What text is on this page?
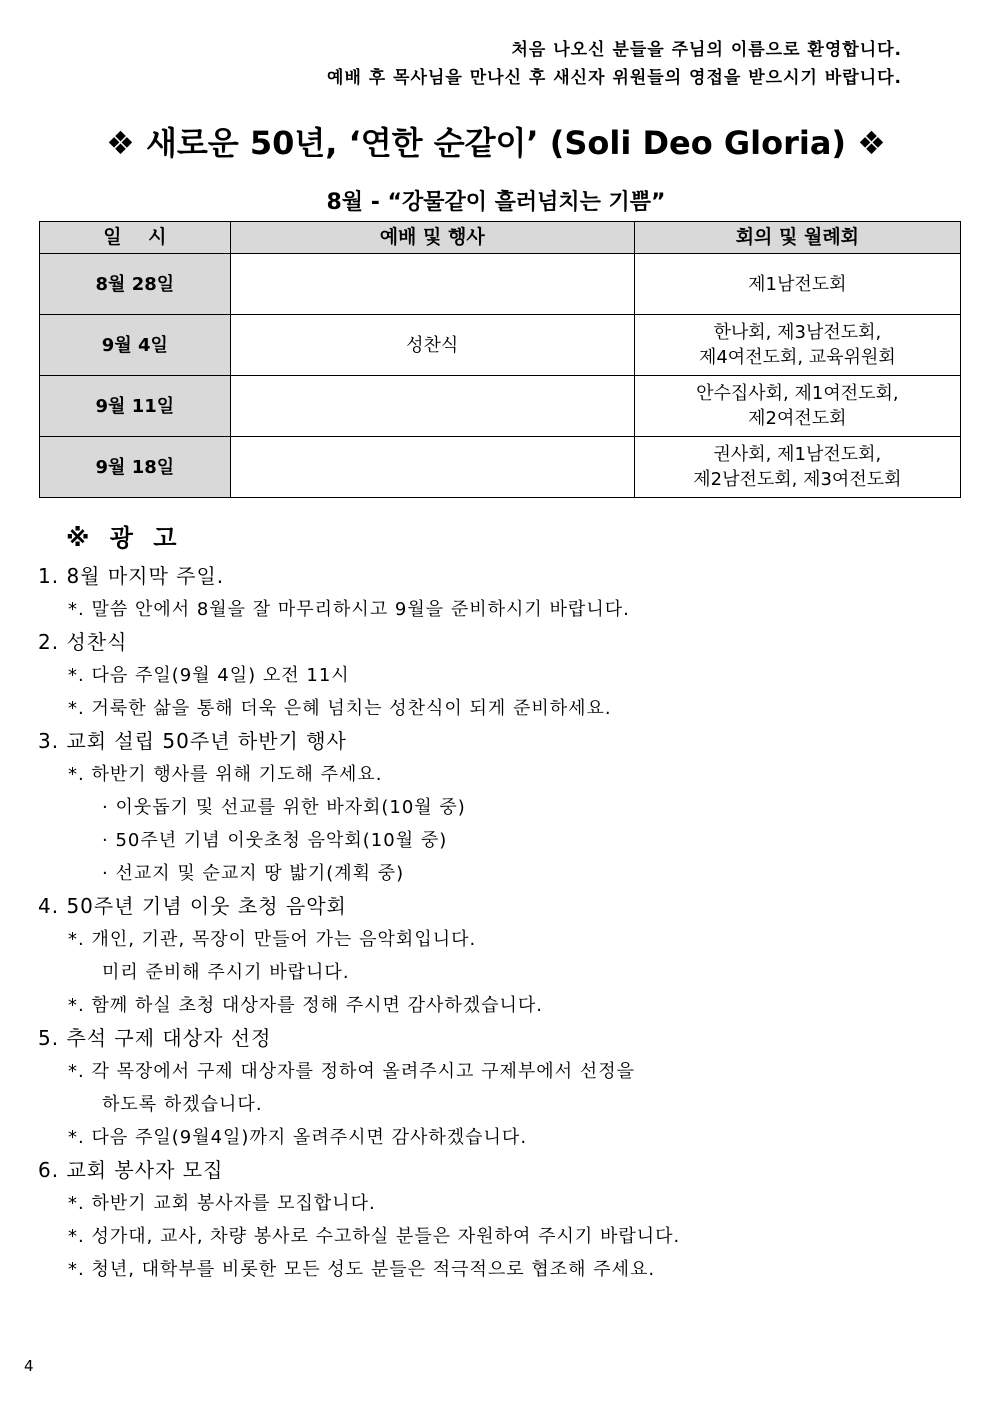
처음 나오신 분들을 주님의 이름으로 환영합니다.
예배 후 목사님을 만나신 후 새신자 위원들의 영접을 받으시기 바랍니다.
❖ 새로운 50년, ‘연한 순같이’ (Soli Deo Gloria) ❖
8월 - “강물같이 흘러넘치는 기쁨”
일    시	예배 및 행사	회의 및 월례회
8월 28일		제1남전도회

9월 4일	성찬식	한나회, 제3남전도회,
제4여전도회, 교육위원회

9월 11일		안수집사회, 제1여전도회,
제2여전도회

9월 18일		권사회, 제1남전도회,
제2남전도회, 제3여전도회
※ 광 고
1. 8월 마지막 주일.
*. 말씀 안에서 8월을 잘 마무리하시고 9월을 준비하시기 바랍니다.
2. 성찬식
*. 다음 주일(9월 4일) 오전 11시
*. 거룩한 삶을 통해 더욱 은혜 넘치는 성찬식이 되게 준비하세요.
3. 교회 설립 50주년 하반기 행사
*. 하반기 행사를 위해 기도해 주세요.
· 이웃돕기 및 선교를 위한 바자회(10월 중)
· 50주년 기념 이웃초청 음악회(10월 중)
· 선교지 및 순교지 땅 밟기(계획 중)
4. 50주년 기념 이웃 초청 음악회
*. 개인, 기관, 목장이 만들어 가는 음악회입니다.
미리 준비해 주시기 바랍니다.
*. 함께 하실 초청 대상자를 정해 주시면 감사하겠습니다.
5. 추석 구제 대상자 선정
*. 각 목장에서 구제 대상자를 정하여 올려주시고 구제부에서 선정을
하도록 하겠습니다.
*. 다음 주일(9월4일)까지 올려주시면 감사하겠습니다.
6. 교회 봉사자 모집
*. 하반기 교회 봉사자를 모집합니다.
*. 성가대, 교사, 차량 봉사로 수고하실 분들은 자원하여 주시기 바랍니다.
*. 청년, 대학부를 비롯한 모든 성도 분들은 적극적으로 협조해 주세요.
4
